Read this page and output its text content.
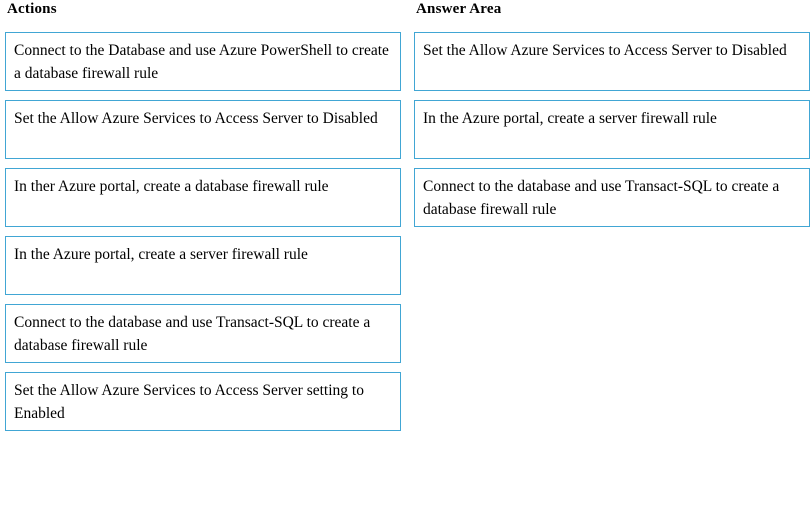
Actions
Connect to the Database and use Azure PowerShell to create a database firewall rule
Set the Allow Azure Services to Access Server to Disabled
In ther Azure portal, create a database firewall rule
In the Azure portal, create a server firewall rule
Connect to the database and use Transact-SQL to create a database firewall rule
Set the Allow Azure Services to Access Server setting to Enabled
Answer Area
Set the Allow Azure Services to Access Server to Disabled
In the Azure portal, create a server firewall rule
Connect to the database and use Transact-SQL to create a database firewall rule
